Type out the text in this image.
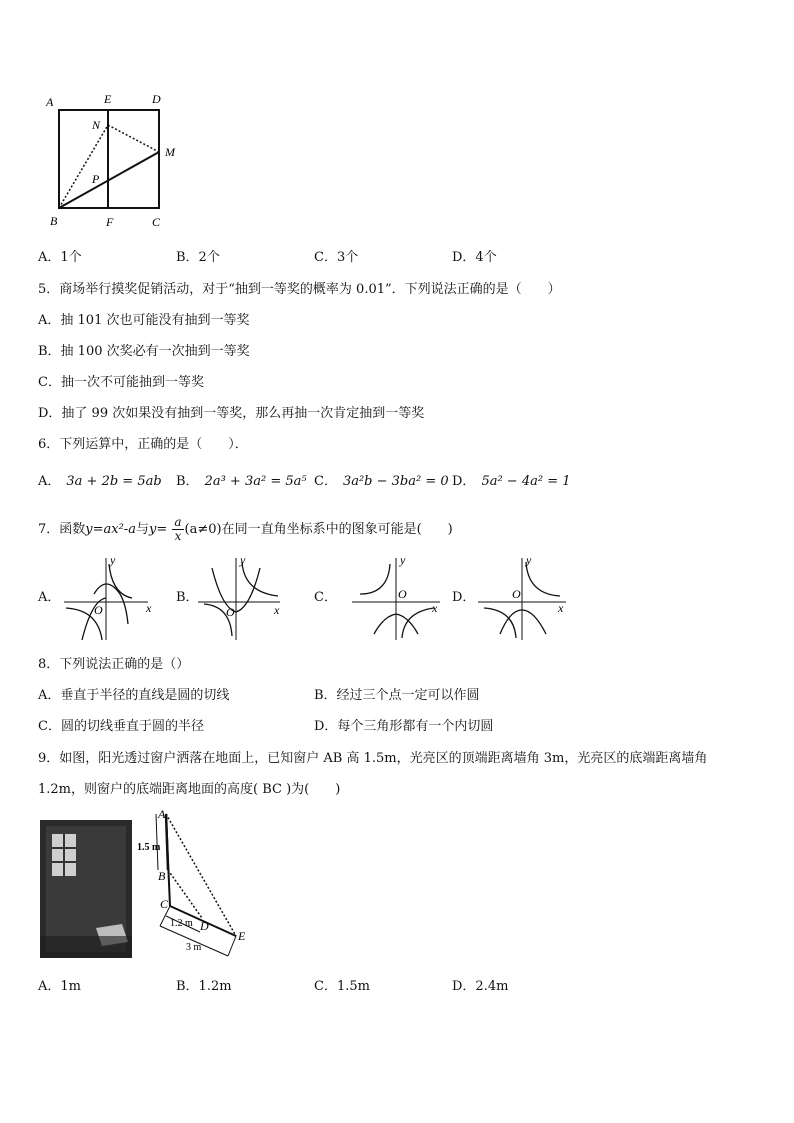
A	E	D
N
M
P
B	F	C
A．1个	B．2个	C．3个	D．4个
5．商场举行摸奖促销活动，对于“抽到一等奖的概率为 0.01”．下列说法正确的是（　　）
A．抽 101 次也可能没有抽到一等奖
B．抽 100 次奖必有一次抽到一等奖
C．抽一次不可能抽到一等奖
D．抽了 99 次如果没有抽到一等奖，那么再抽一次肯定抽到一等奖
6．下列运算中，正确的是（　　）．
A． 3a + 2b = 5ab B． 2a³ + 3a² = 5a⁵ C． 3a²b − 3ba² = 0 D． 5a² − 4a² = 1
7．函数y=ax²-a与$y= \frac{a}{x} (a\ne 0)$在同一直角坐标系中的图象可能是(　　)
A．
y
x
O
B．
y
x
O
C．
y
x
O	D．
y
x
O
8．下列说法正确的是（）
A．垂直于半径的直线是圆的切线	B．经过三个点一定可以作圆
C．圆的切线垂直于圆的半径	D．每个三角形都有一个内切圆
9．如图，阳光透过窗户洒落在地面上，已知窗户 AB 高 1.5m，光亮区的顶端距离墙角 3m，光亮区的底端距离墙角
1.2m，则窗户的底端距离地面的高度( BC )为(　　)
A
B
C
D
E
1.5 m
1.2 m
3 m
A．1m	B．1.2m	C．1.5m	D．2.4m
